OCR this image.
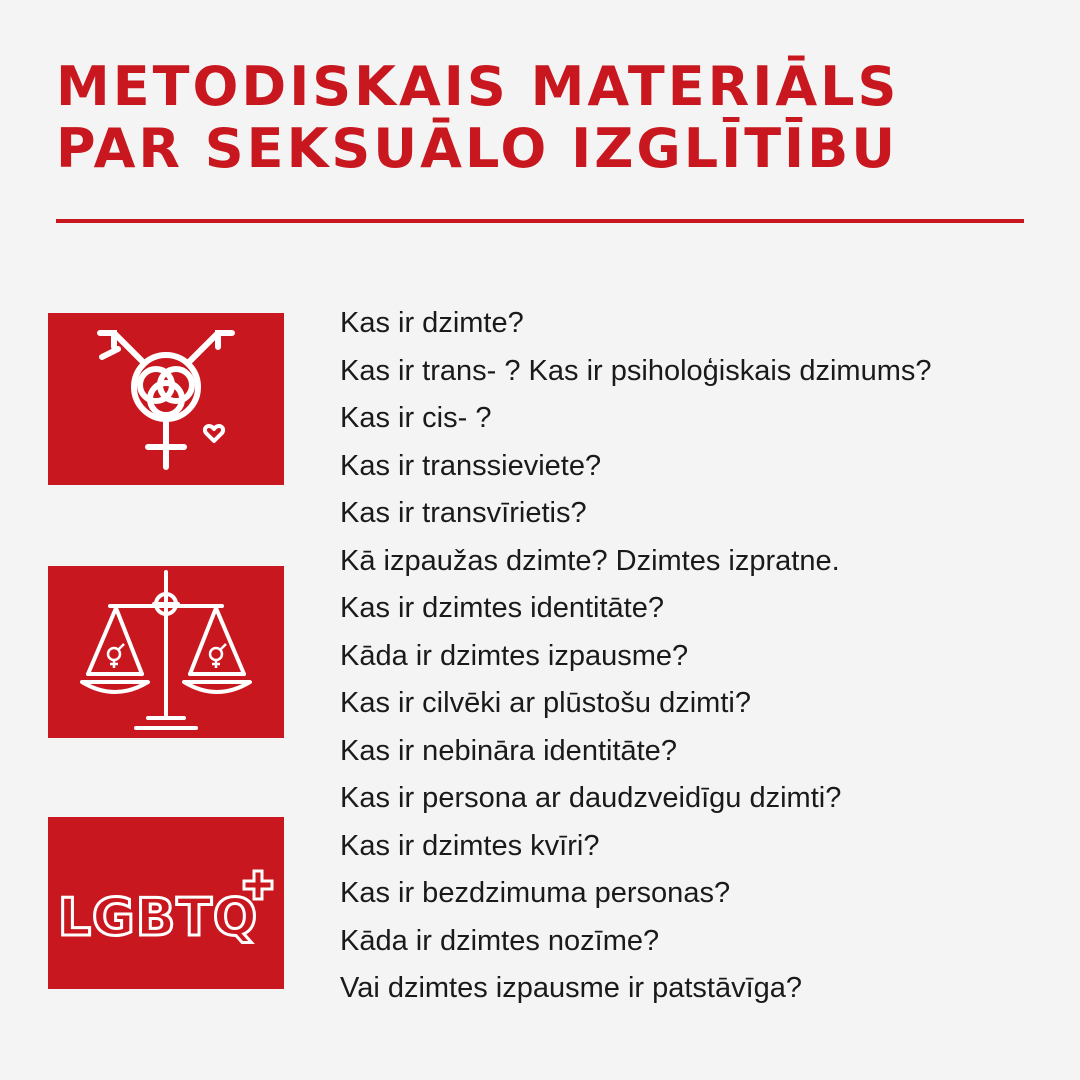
METODISKAIS MATERIĀLS
PAR SEKSUĀLO IZGLĪTĪBU
LGBTQ
Kas ir dzimte?
Kas ir trans- ? Kas ir psiholoģiskais dzimums?
Kas ir cis- ?
Kas ir transsieviete?
Kas ir transvīrietis?
Kā izpaužas dzimte? Dzimtes izpratne.
Kas ir dzimtes identitāte?
Kāda ir dzimtes izpausme?
Kas ir cilvēki ar plūstošu dzimti?
Kas ir nebināra identitāte?
Kas ir persona ar daudzveidīgu dzimti?
Kas ir dzimtes kvīri?
Kas ir bezdzimuma personas?
Kāda ir dzimtes nozīme?
Vai dzimtes izpausme ir patstāvīga?
